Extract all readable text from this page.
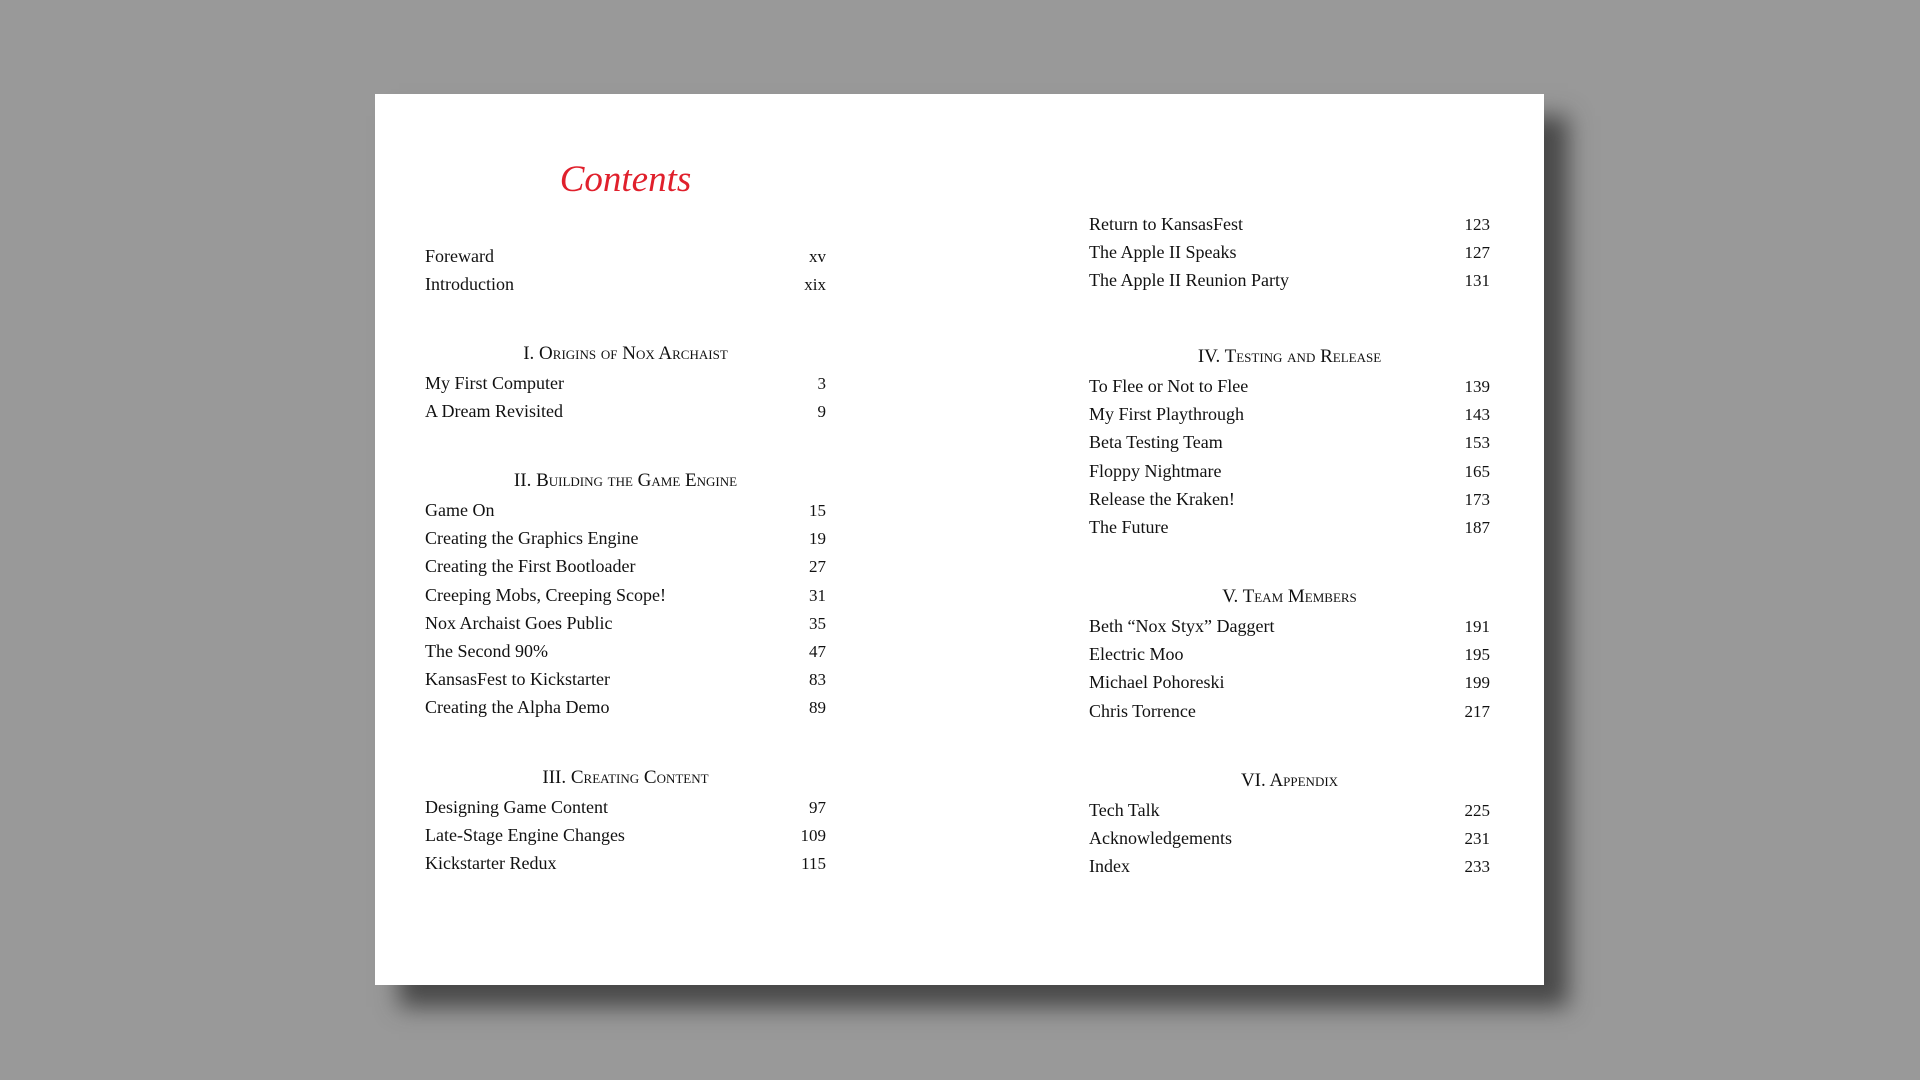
Contents
Foreward	xv
Introduction	xix
I. Origins of Nox Archaist
My First Computer	3
A Dream Revisited	9
II. Building the Game Engine
Game On	15
Creating the Graphics Engine	19
Creating the First Bootloader	27
Creeping Mobs, Creeping Scope!	31
Nox Archaist Goes Public	35
The Second 90%	47
KansasFest to Kickstarter	83
Creating the Alpha Demo	89
III. Creating Content
Designing Game Content	97
Late-Stage Engine Changes	109
Kickstarter Redux	115
Return to KansasFest	123
The Apple II Speaks	127
The Apple II Reunion Party	131
IV. Testing and Release
To Flee or Not to Flee	139
My First Playthrough	143
Beta Testing Team	153
Floppy Nightmare	165
Release the Kraken!	173
The Future	187
V. Team Members
Beth “Nox Styx” Daggert	191
Electric Moo	195
Michael Pohoreski	199
Chris Torrence	217
VI. Appendix
Tech Talk	225
Acknowledgements	231
Index	233
